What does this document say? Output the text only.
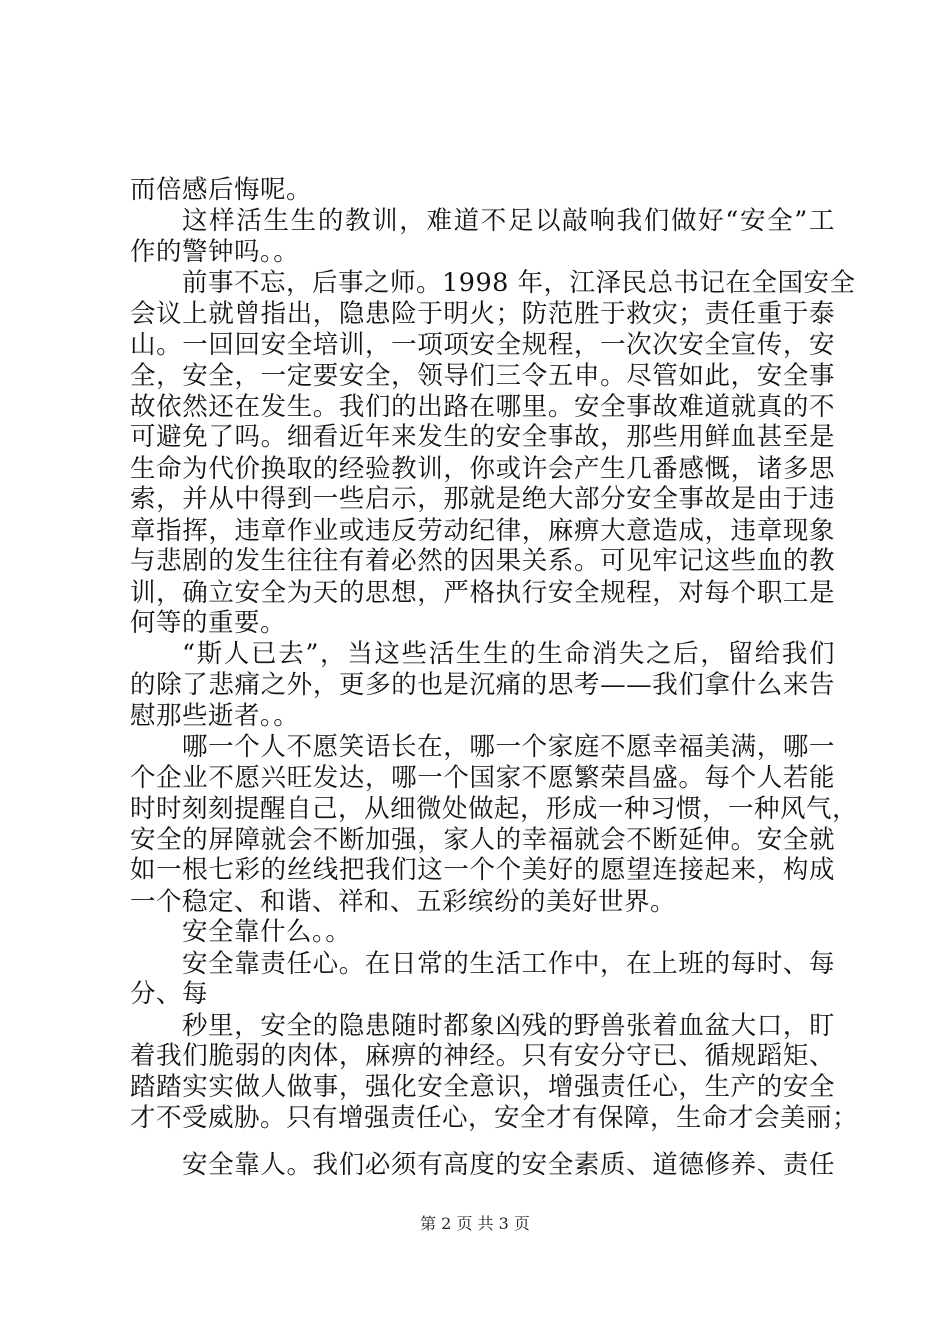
而倍感后悔呢。
这样活生生的教训，难道不足以敲响我们做好“安全”工
作的警钟吗。。
前事不忘，后事之师。1998 年，江泽民总书记在全国安全
会议上就曾指出，隐患险于明火；防范胜于救灾；责任重于泰
山。一回回安全培训，一项项安全规程，一次次安全宣传，安
全，安全，一定要安全，领导们三令五申。尽管如此，安全事
故依然还在发生。我们的出路在哪里。安全事故难道就真的不
可避免了吗。细看近年来发生的安全事故，那些用鲜血甚至是
生命为代价换取的经验教训，你或许会产生几番感慨，诸多思
索，并从中得到一些启示，那就是绝大部分安全事故是由于违
章指挥，违章作业或违反劳动纪律，麻痹大意造成，违章现象
与悲剧的发生往往有着必然的因果关系。可见牢记这些血的教
训，确立安全为天的思想，严格执行安全规程，对每个职工是
何等的重要。
“斯人已去”，当这些活生生的生命消失之后，留给我们
的除了悲痛之外，更多的也是沉痛的思考——我们拿什么来告
慰那些逝者。。
哪一个人不愿笑语长在，哪一个家庭不愿幸福美满，哪一
个企业不愿兴旺发达，哪一个国家不愿繁荣昌盛。每个人若能
时时刻刻提醒自己，从细微处做起，形成一种习惯，一种风气，
安全的屏障就会不断加强，家人的幸福就会不断延伸。安全就
如一根七彩的丝线把我们这一个个美好的愿望连接起来，构成
一个稳定、和谐、祥和、五彩缤纷的美好世界。
安全靠什么。。
安全靠责任心。在日常的生活工作中，在上班的每时、每
分、每
秒里，安全的隐患随时都象凶残的野兽张着血盆大口，盯
着我们脆弱的肉体，麻痹的神经。只有安分守已、循规蹈矩、
踏踏实实做人做事，强化安全意识，增强责任心，生产的安全
才不受威胁。只有增强责任心，安全才有保障，生命才会美丽；
安全靠人。我们必须有高度的安全素质、道德修养、责任
第 2 页 共 3 页
